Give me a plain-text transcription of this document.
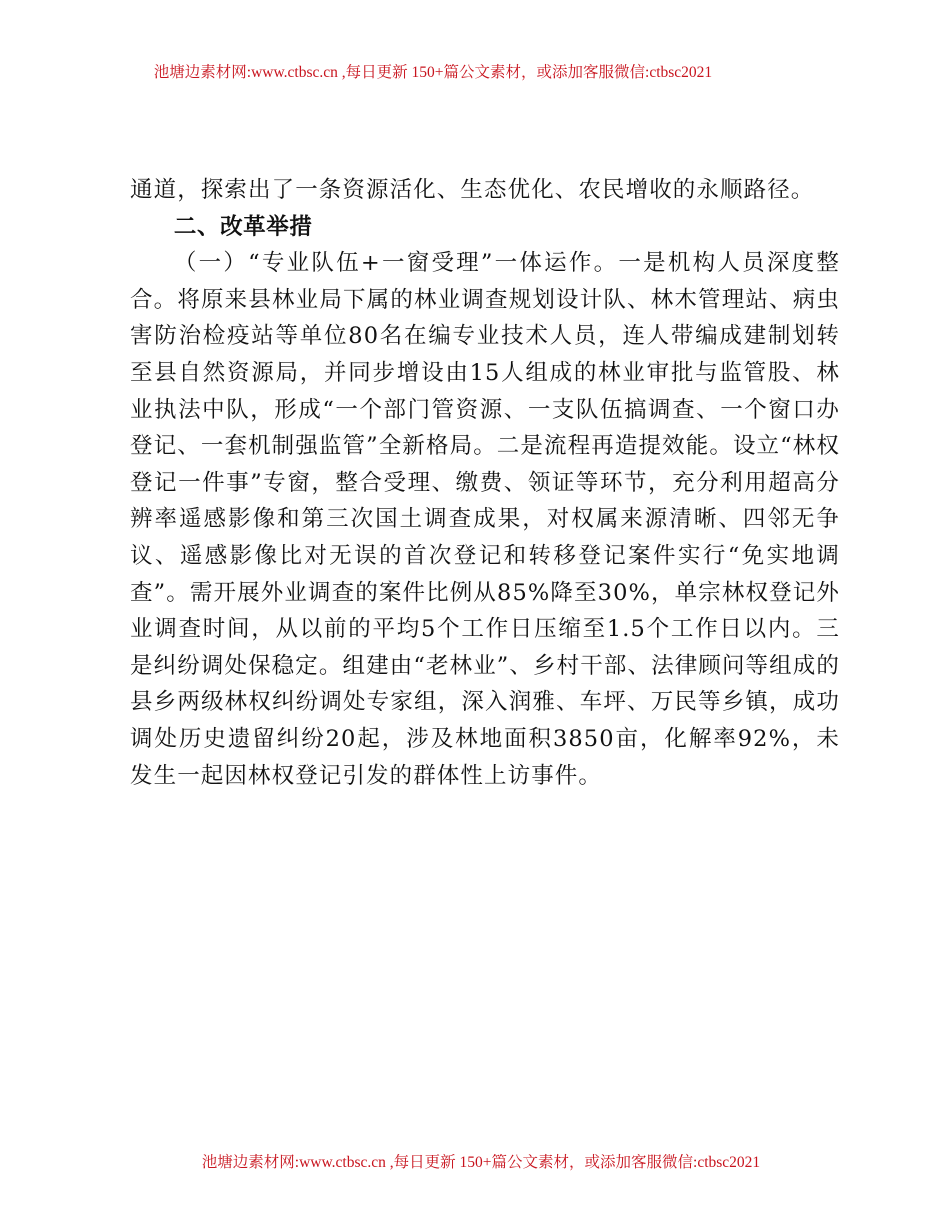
池塘边素材网:www.ctbsc.cn ,每日更新 150+篇公文素材，或添加客服微信:ctbsc2021

通道，探索出了一条资源活化、生态优化、农民增收的永顺路径。

二、改革举措

（一）“专业队伍+一窗受理”一体运作。一是机构人员深度整合。将原来县林业局下属的林业调查规划设计队、林木管理站、病虫害防治检疫站等单位80名在编专业技术人员，连人带编成建制划转至县自然资源局，并同步增设由15人组成的林业审批与监管股、林业执法中队，形成“一个部门管资源、一支队伍搞调查、一个窗口办登记、一套机制强监管”全新格局。二是流程再造提效能。设立“林权登记一件事”专窗，整合受理、缴费、领证等环节，充分利用超高分辨率遥感影像和第三次国土调查成果，对权属来源清晰、四邻无争议、遥感影像比对无误的首次登记和转移登记案件实行“免实地调查”。需开展外业调查的案件比例从85%降至30%，单宗林权登记外业调查时间，从以前的平均5个工作日压缩至1.5个工作日以内。三是纠纷调处保稳定。组建由“老林业”、乡村干部、法律顾问等组成的县乡两级林权纠纷调处专家组，深入润雅、车坪、万民等乡镇，成功调处历史遗留纠纷20起，涉及林地面积3850亩，化解率92%，未发生一起因林权登记引发的群体性上访事件。

池塘边素材网:www.ctbsc.cn ,每日更新 150+篇公文素材，或添加客服微信:ctbsc2021
